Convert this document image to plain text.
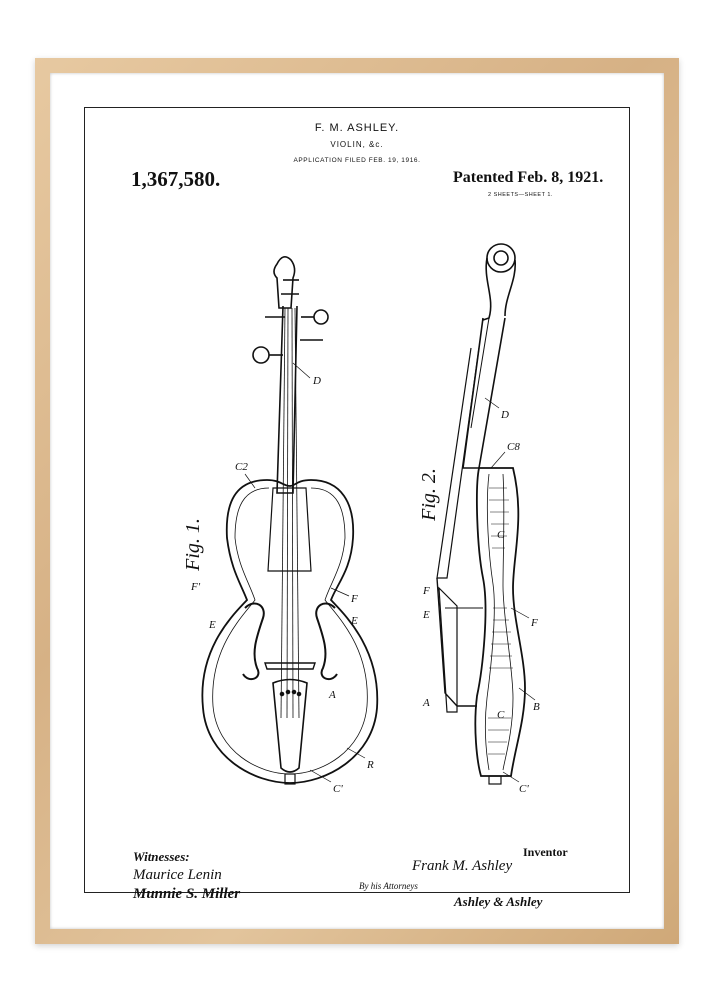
F. M. ASHLEY.
VIOLIN, &c.
APPLICATION FILED FEB. 19, 1916.
1,367,580.	Patented Feb. 8, 1921.
2 SHEETS—SHEET 1.
D
C2
F'
E
F
E
A
R
C'
D
C8
C
F
F
E
A
C
B
C'
Fig. 1.
Fig. 2.
Witnesses:
Maurice Lenin
Munnie S. Miller
Inventor
Frank M. Ashley
By his Attorneys
Ashley & Ashley
